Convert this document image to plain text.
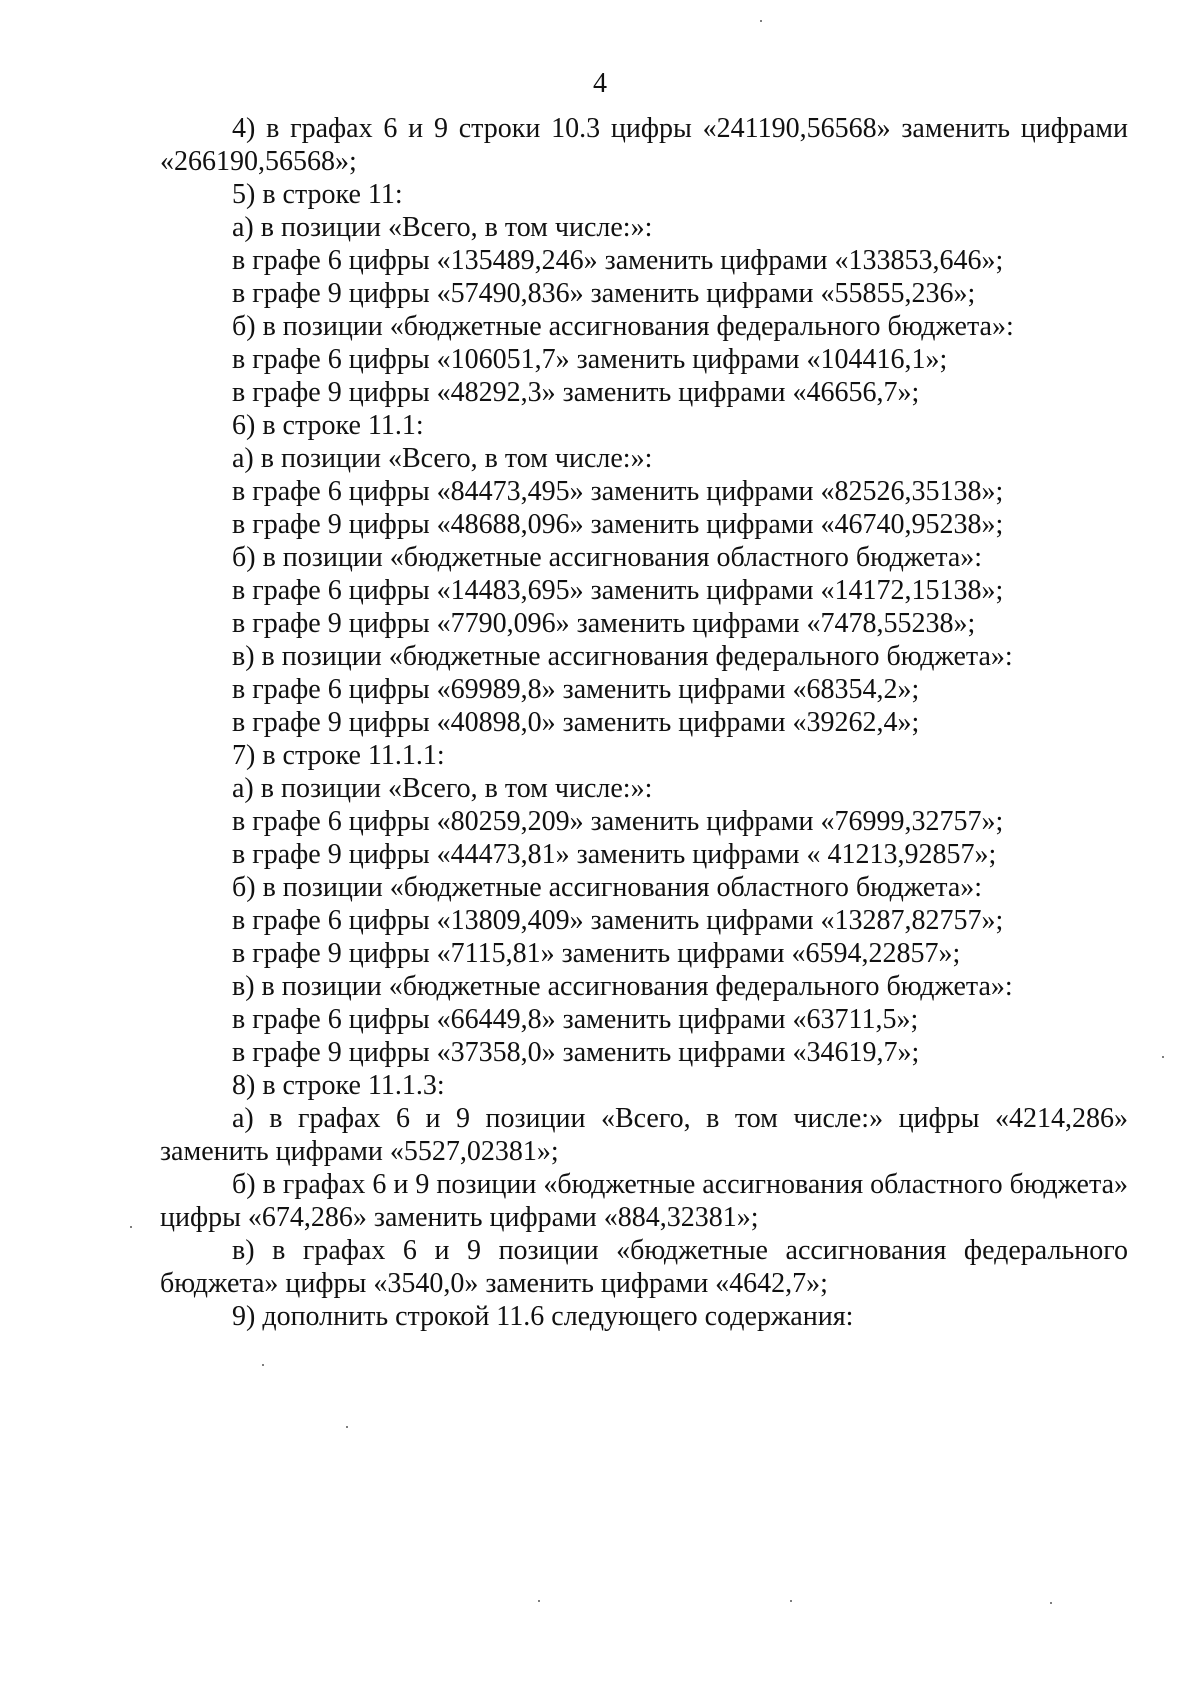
4
4) в графах 6 и 9 строки 10.3 цифры «241190,56568» заменить цифрами «266190,56568»;
5) в строке 11:
а) в позиции «Всего, в том числе:»:
в графе 6 цифры «135489,246» заменить цифрами «133853,646»;
в графе 9 цифры «57490,836» заменить цифрами «55855,236»;
б) в позиции «бюджетные ассигнования федерального бюджета»:
в графе 6 цифры «106051,7» заменить цифрами «104416,1»;
в графе 9 цифры «48292,3» заменить цифрами «46656,7»;
6) в строке 11.1:
а) в позиции «Всего, в том числе:»:
в графе 6 цифры «84473,495» заменить цифрами «82526,35138»;
в графе 9 цифры «48688,096» заменить цифрами «46740,95238»;
б) в позиции «бюджетные ассигнования областного бюджета»:
в графе 6 цифры «14483,695» заменить цифрами «14172,15138»;
в графе 9 цифры «7790,096» заменить цифрами «7478,55238»;
в) в позиции «бюджетные ассигнования федерального бюджета»:
в графе 6 цифры «69989,8» заменить цифрами «68354,2»;
в графе 9 цифры «40898,0» заменить цифрами «39262,4»;
7) в строке 11.1.1:
а) в позиции «Всего, в том числе:»:
в графе 6 цифры «80259,209» заменить цифрами «76999,32757»;
в графе 9 цифры «44473,81» заменить цифрами « 41213,92857»;
б) в позиции «бюджетные ассигнования областного бюджета»:
в графе 6 цифры «13809,409» заменить цифрами «13287,82757»;
в графе 9 цифры «7115,81» заменить цифрами «6594,22857»;
в) в позиции «бюджетные ассигнования федерального бюджета»:
в графе 6 цифры «66449,8» заменить цифрами «63711,5»;
в графе 9 цифры «37358,0» заменить цифрами «34619,7»;
8) в строке 11.1.3:
а) в графах 6 и 9 позиции «Всего, в том числе:» цифры «4214,286» заменить цифрами «5527,02381»;
б) в графах 6 и 9 позиции «бюджетные ассигнования областного бюджета» цифры «674,286» заменить цифрами «884,32381»;
в) в графах 6 и 9 позиции «бюджетные ассигнования федерального бюджета» цифры «3540,0» заменить цифрами «4642,7»;
9) дополнить строкой 11.6 следующего содержания:
